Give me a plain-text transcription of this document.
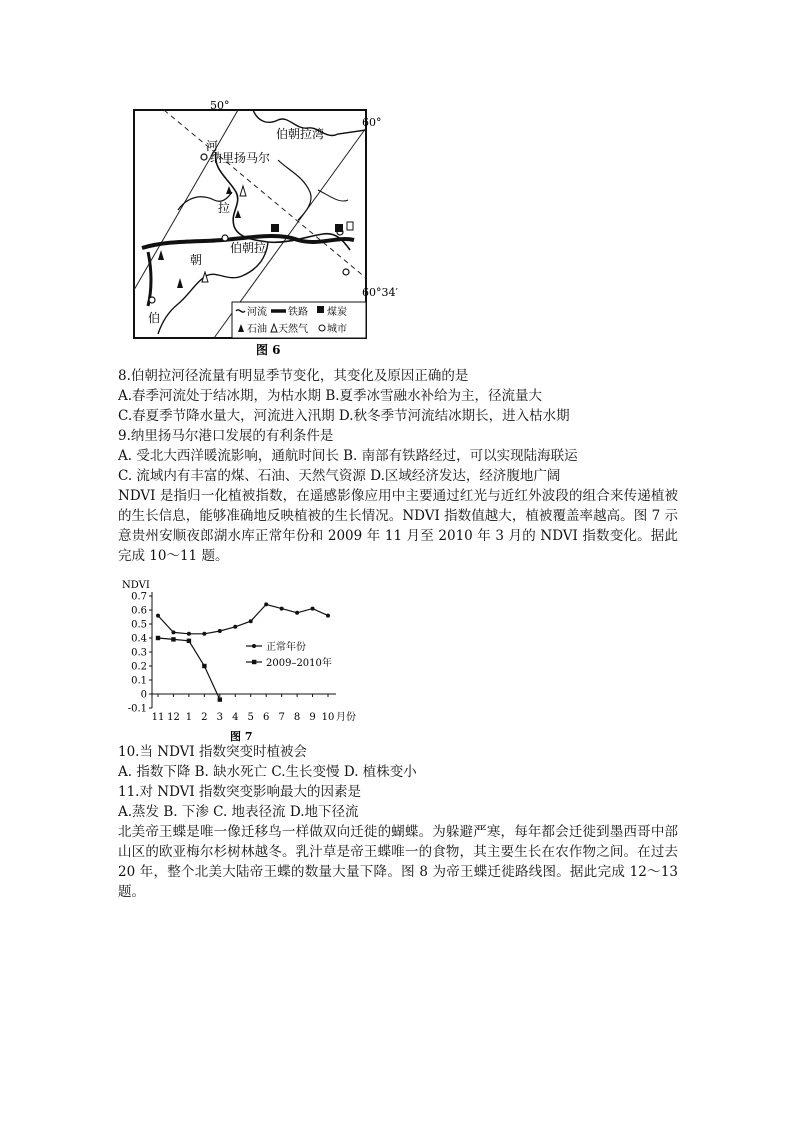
50°
60°
60°34′
伯朝拉湾
纳里扬马尔
伯朝拉
河
拉
朝
伯	河流 铁路 煤炭
石油 天然气 城市
图 6

8.伯朝拉河径流量有明显季节变化，其变化及原因正确的是

A.春季河流处于结冰期，为枯水期 B.夏季冰雪融水补给为主，径流量大

C.春夏季节降水量大，河流进入汛期 D.秋冬季节河流结冰期长，进入枯水期

9.纳里扬马尔港口发展的有利条件是

A. 受北大西洋暖流影响，通航时间长 B. 南部有铁路经过，可以实现陆海联运

C. 流域内有丰富的煤、石油、天然气资源 D.区域经济发达，经济腹地广阔

NDVI 是指归一化植被指数，在遥感影像应用中主要通过红光与近红外波段的组合来传递植被的生长信息，能够准确地反映植被的生长情况。NDVI 指数值越大，植被覆盖率越高。图 7 示意贵州安顺夜郎湖水库正常年份和 2009 年 11 月至 2010 年 3 月的 NDVI 指数变化。据此完成 10～11 题。

0.7
0.6
0.5
0.4
0.3
0.2
0.1
0
-0.1
11 12 1 2 3 4 5 6 7 8 9 10 月份
正常年份
2009–2010年
NDVI
图 7

10.当 NDVI 指数突变时植被会

A. 指数下降 B. 缺水死亡 C.生长变慢 D. 植株变小

11.对 NDVI 指数突变影响最大的因素是

A.蒸发 B. 下渗 C. 地表径流 D.地下径流

北美帝王蝶是唯一像迁移鸟一样做双向迁徙的蝴蝶。为躲避严寒，每年都会迁徙到墨西哥中部山区的欧亚梅尔杉树林越冬。乳汁草是帝王蝶唯一的食物，其主要生长在农作物之间。在过去 20 年，整个北美大陆帝王蝶的数量大量下降。图 8 为帝王蝶迁徙路线图。据此完成 12～13 题。
